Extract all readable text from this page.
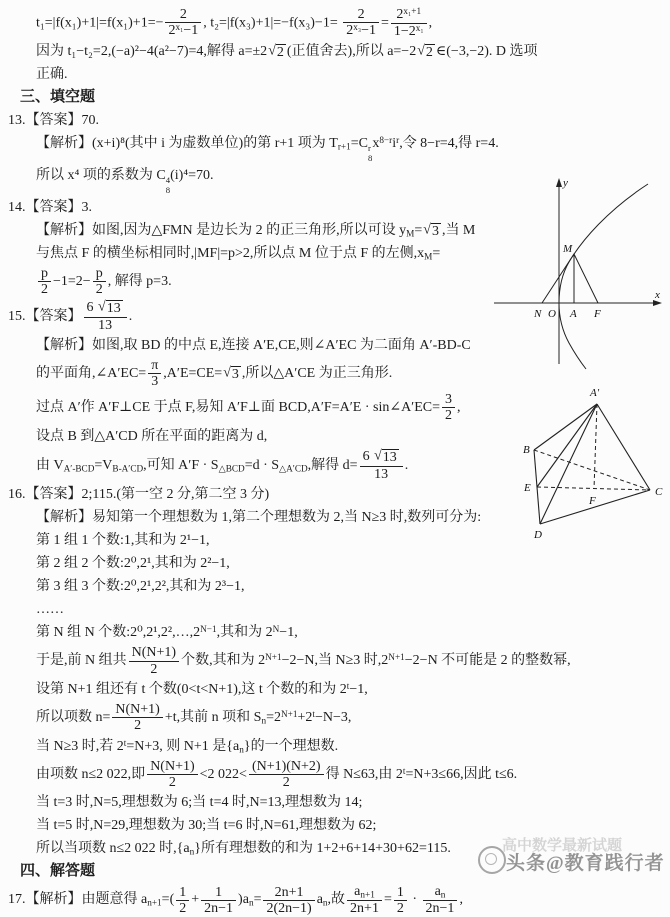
$t_1=|f(x_1)+1|=f(x_1)+1=- \frac{2}{2^{x_1}-1}$ , $t_2=|f(x_3)+1|=-f(x_3)-1= \frac{2}{2^{x_3}-1} = \frac{2^{x_1+1}}{1-2^{x_1}}$ ,
因为 t₁−t₂=2,(−a)²−4(a²−7)=4,解得 a=±2 √ 2 (正值舍去),所以 a=−2 √ 2 ∈(−3,−2). D 选项
正确.
三、填空题
13.【答案】70.
【解析】(x+i)⁸(其中 i 为虚数单位)的第 r+1 项为 $T_{r+1}=C$ r
8
$x^{8-r}i^r$,令 8−r=4,得 r=4.
所以 x⁴ 项的系数为 C 4
8
(i)⁴=70.
14.【答案】3.
【解析】如图,因为△FMN 是边长为 2 的正三角形,所以可设 $y_M=$ √ 3 ,当 M
与焦点 F 的横坐标相同时,|MF|=p>2,所以点 M 位于点 F 的左侧$,x_M=$
$\frac{p}{2} -1=2- \frac{p}{2}$ , 解得 p=3.
15.【答案】 $\frac{6 √ 13}{13}$ .
【解析】如图,取 BD 的中点 E,连接 A′E,CE,则∠A′EC 为二面角 A′-BD-C
的平面角,∠A′EC= $\frac{\pi}{3} ,A'E=CE=$ √ 3 ,所以△A′CE 为正三角形.
过点 A′作 A′F⊥CE 于点 F,易知 A′F⊥面 BCD,A′F=A′E · sin∠A′EC= $\frac{3}{2}$ ,
设点 B 到△A′CD 所在平面的距离为 d,
由 $V_{A'-BCD}=V_{B-A'CD}$,可知 $A'F \cdot S_{\triangle BCD}=d \cdot S_{\triangle A'CD}$,解得 $d= \frac{6 √ 13}{13}$ .
16.【答案】2;115.(第一空 2 分,第二空 3 分)
【解析】易知第一个理想数为 1,第二个理想数为 2,当 N≥3 时,数列可分为:
第 1 组 1 个数:1,其和为 2¹−1,
第 2 组 2 个数:2⁰,2¹,其和为 2²−1,
第 3 组 3 个数:2⁰,2¹,2²,其和为 2³−1,
……
第 N 组 N 个数$:2^0,2^1,2^2,\dots,2^{N-1}$,其和为 $2^N-1$,
于是,前 N 组共 $\frac{N(N+1)}{2}$ 个数,其和为 $2^{N+1}-2-N$,当 N≥3 时$,2^{N+1}-2-N$ 不可能是 2 的整数幂,
设第 N+1 组还有 t 个数(0<t<N+1),这 t 个数的和为 $2^t-1$,
所以项数 $n= \frac{N(N+1)}{2} +t$,其前 n 项和 $S_n=2^{N+1}+2^t-N-3$,
当 N≥3 时,若 $2^t=N+3$, 则 N+1 是$\{a_n\}$的一个理想数.
由项数 n≤2 022,即 $\frac{N(N+1)}{2} <2$ $022< \frac{(N+1)(N+2)}{2}$ 得 N≤63,由 $2^t=N+3\le 66$,因此 t≤6.
当 t=3 时,N=5,理想数为 6;当 t=4 时,N=13,理想数为 14;
当 t=5 时,N=29,理想数为 30;当 t=6 时,N=61,理想数为 62;
所以当项数 n≤2 022 时$,\{a_n\}$所有理想数的和为 1+2+6+14+30+62=115.
四、解答题
17.【解析】由题意得 $a_{n+1}=( \frac{1}{2} + \frac{1}{2n-1} )a_n= \frac{2n+1}{2(2n-1)} a_n$,故 $\frac{a_{n+1}}{2n+1} = \frac{1}{2} \cdot \frac{a_n}{2n-1}$ ,
y
x
M
N O A F
A′
B
E
D
F
C
高中数学最新试题
头条@教育践行者
